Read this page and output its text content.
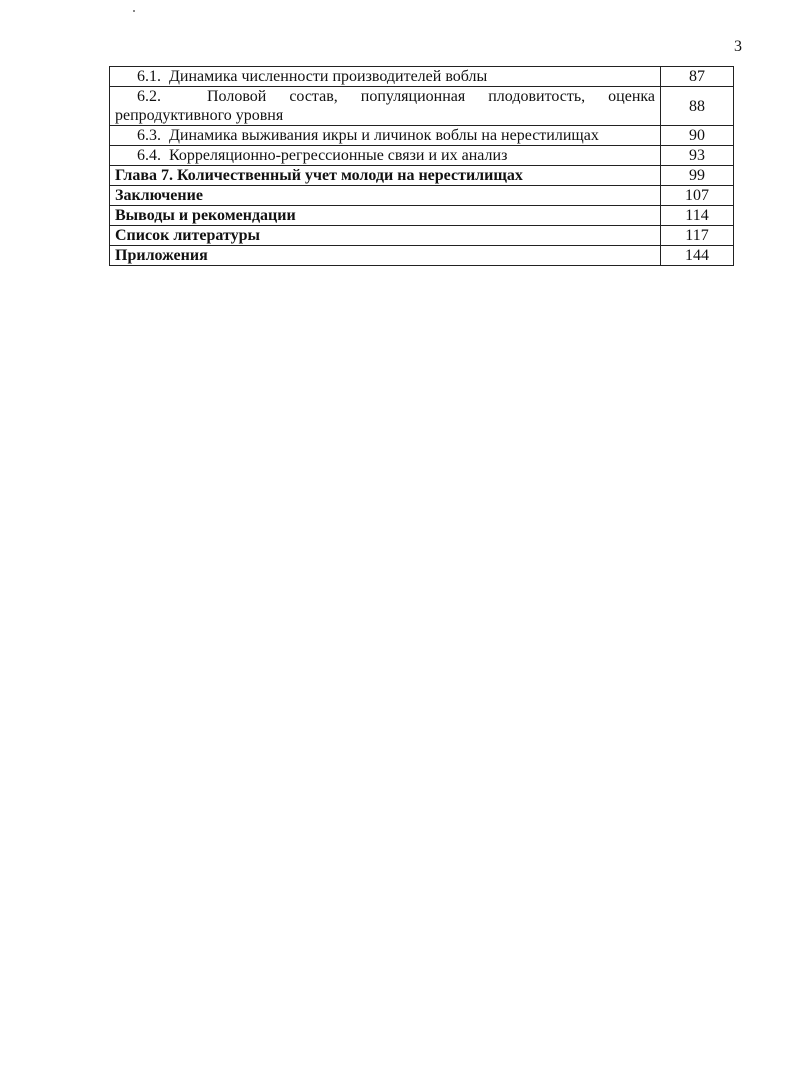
3
6.1. Динамика численности производителей воблы	87
6.2. Половой состав, популяционная плодовитость, оценка репродуктивного уровня	88
6.3. Динамика выживания икры и личинок воблы на нерестилищах	90
6.4. Корреляционно-регрессионные связи и их анализ	93
Глава 7. Количественный учет молоди на нерестилищах	99
Заключение	107
Выводы и рекомендации	114
Список литературы	117
Приложения	144
